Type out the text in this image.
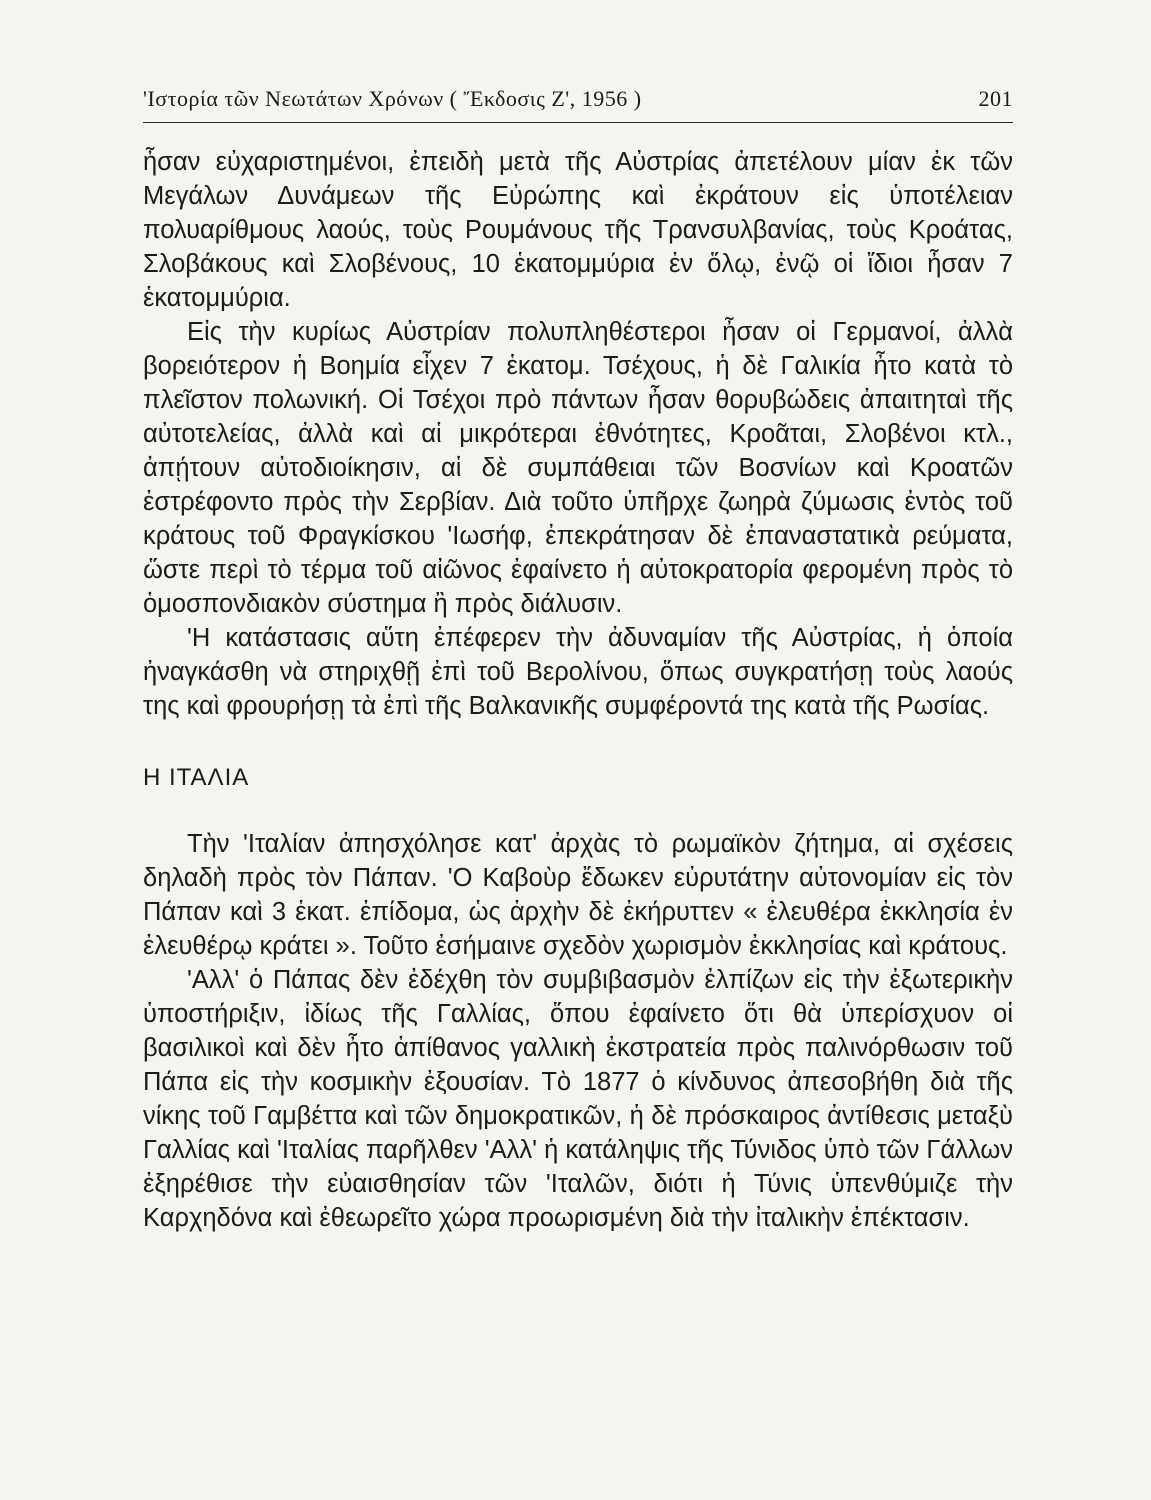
'Ιστορία τῶν Νεωτάτων Χρόνων ( Ἔκδοσις Ζ', 1956 )	201

ἦσαν εὐχαριστημένοι, ἐπειδὴ μετὰ τῆς Αὐστρίας ἀπετέλουν μίαν ἐκ τῶν Μεγάλων Δυνάμεων τῆς Εὐρώπης καὶ ἐκράτουν εἰς ὑποτέλειαν πολυαρίθμους λαούς, τοὺς Ρουμάνους τῆς Τρανσυλβανίας, τοὺς Κροάτας, Σλοβάκους καὶ Σλοβένους, 10 ἑκατομμύρια ἐν ὅλῳ, ἐνῷ οἱ ἴδιοι ἦσαν 7 ἑκατομμύρια.

Εἰς τὴν κυρίως Αὐστρίαν πολυπληθέστεροι ἦσαν οἱ Γερμανοί, ἀλλὰ βορειότερον ἡ Βοημία εἶχεν 7 ἑκατομ. Τσέχους, ἡ δὲ Γαλικία ἦτο κατὰ τὸ πλεῖστον πολωνική. Οἱ Τσέχοι πρὸ πάντων ἦσαν θορυβώδεις ἀπαιτηταὶ τῆς αὐτοτελείας, ἀλλὰ καὶ αἱ μικρότεραι ἐθνότητες, Κροᾶται, Σλοβένοι κτλ., ἀπῄτουν αὐτοδιοίκησιν, αἱ δὲ συμπάθειαι τῶν Βοσνίων καὶ Κροατῶν ἐστρέφοντο πρὸς τὴν Σερβίαν. Διὰ τοῦτο ὑπῆρχε ζωηρὰ ζύμωσις ἐντὸς τοῦ κράτους τοῦ Φραγκίσκου 'Ιωσήφ, ἐπεκράτησαν δὲ ἐπαναστατικὰ ρεύματα, ὥστε περὶ τὸ τέρμα τοῦ αἰῶνος ἐφαίνετο ἡ αὐτοκρατορία φερομένη πρὸς τὸ ὁμοσπονδιακὸν σύστημα ἢ πρὸς διάλυσιν.

'Η κατάστασις αὕτη ἐπέφερεν τὴν ἀδυναμίαν τῆς Αὐστρίας, ἡ ὁποία ἠναγκάσθη νὰ στηριχθῇ ἐπὶ τοῦ Βερολίνου, ὅπως συγκρατήσῃ τοὺς λαούς της καὶ φρουρήσῃ τὰ ἐπὶ τῆς Βαλκανικῆς συμφέροντά της κατὰ τῆς Ρωσίας.

Η ΙΤΑΛΙΑ

Τὴν 'Ιταλίαν ἀπησχόλησε κατ' ἀρχὰς τὸ ρωμαϊκὸν ζήτημα, αἱ σχέσεις δηλαδὴ πρὸς τὸν Πάπαν. 'Ο Καβοὺρ ἔδωκεν εὐρυτάτην αὐτονομίαν εἰς τὸν Πάπαν καὶ 3 ἑκατ. ἐπίδομα, ὡς ἀρχὴν δὲ ἐκήρυττεν « ἐλευθέρα ἐκκλησία ἐν ἐλευθέρῳ κράτει ». Τοῦτο ἐσήμαινε σχεδὸν χωρισμὸν ἐκκλησίας καὶ κράτους.

'Αλλ' ὁ Πάπας δὲν ἐδέχθη τὸν συμβιβασμὸν ἐλπίζων εἰς τὴν ἐξωτερικὴν ὑποστήριξιν, ἰδίως τῆς Γαλλίας, ὅπου ἐφαίνετο ὅτι θὰ ὑπερίσχυον οἱ βασιλικοὶ καὶ δὲν ἦτο ἀπίθανος γαλλικὴ ἐκστρατεία πρὸς παλινόρθωσιν τοῦ Πάπα εἰς τὴν κοσμικὴν ἐξουσίαν. Τὸ 1877 ὁ κίνδυνος ἀπεσοβήθη διὰ τῆς νίκης τοῦ Γαμβέττα καὶ τῶν δημοκρατικῶν, ἡ δὲ πρόσκαιρος ἀντίθεσις μεταξὺ Γαλλίας καὶ 'Ιταλίας παρῆλθεν 'Αλλ' ἡ κατάληψις τῆς Τύνιδος ὑπὸ τῶν Γάλλων ἐξηρέθισε τὴν εὐαισθησίαν τῶν 'Ιταλῶν, διότι ἡ Τύνις ὑπενθύμιζε τὴν Καρχηδόνα καὶ ἐθεωρεῖτο χώρα προωρισμένη διὰ τὴν ἰταλικὴν ἐπέκτασιν.
